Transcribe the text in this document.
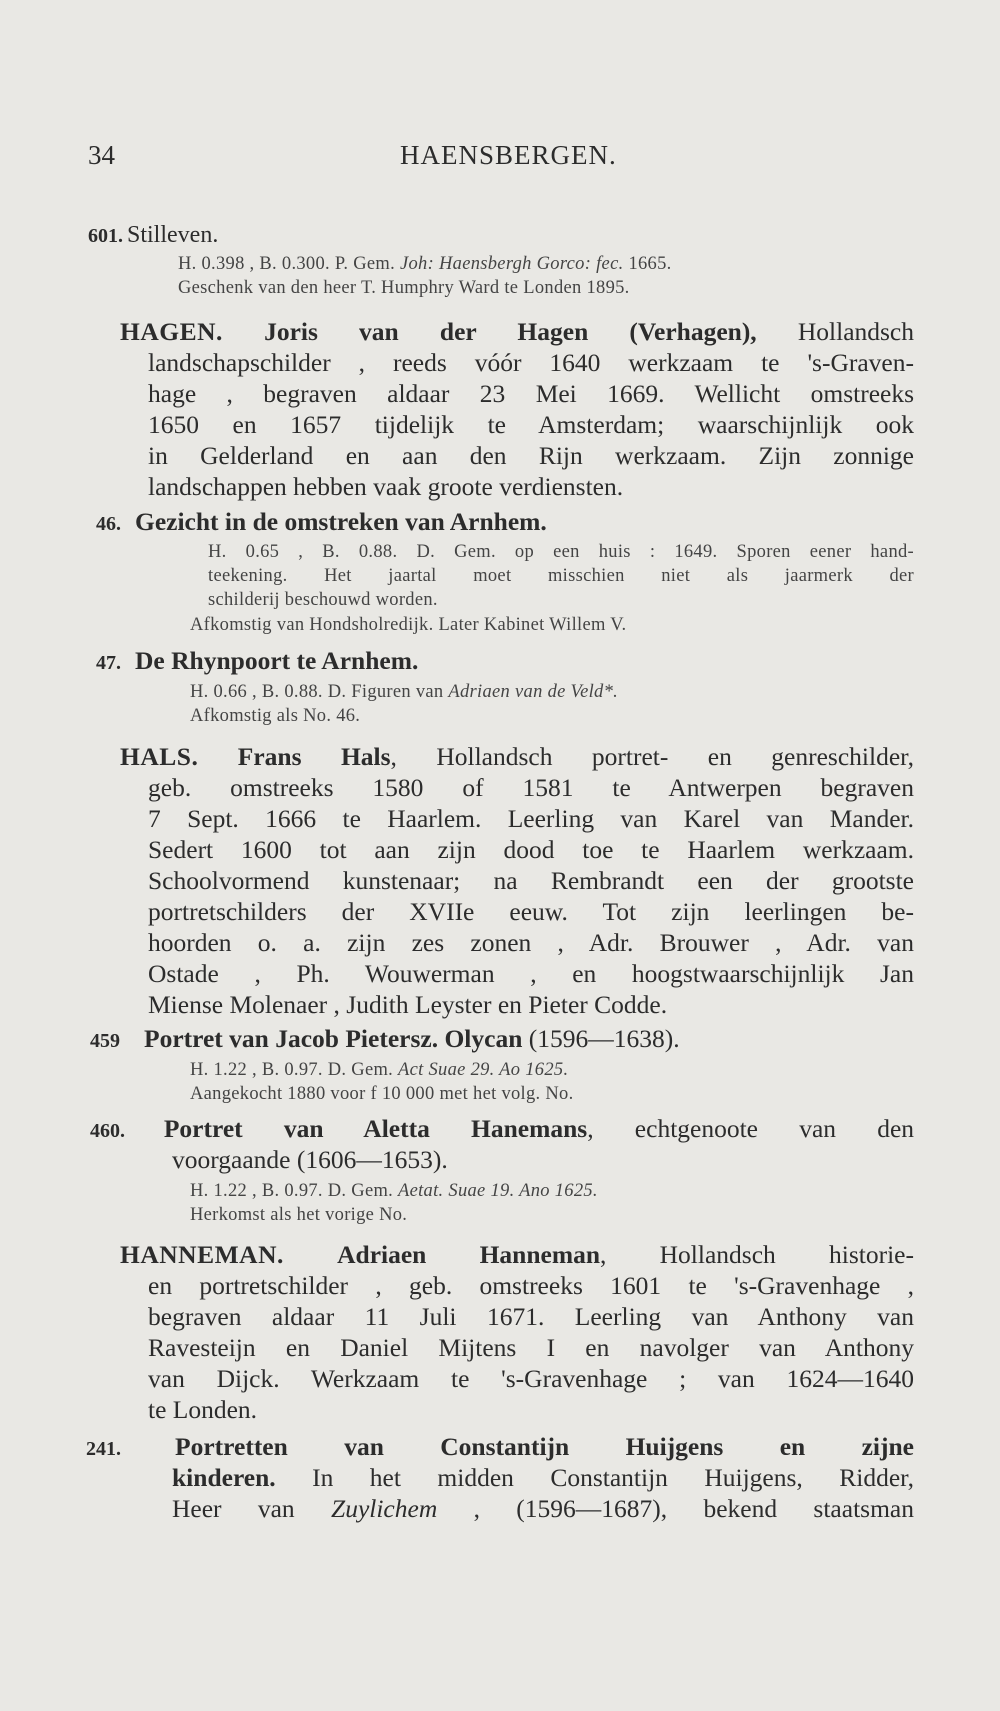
34	HAENSBERGEN.
601. Stilleven.
H. 0.398 , B. 0.300. P. Gem. Joh: Haensbergh Gorco: fec. 1665.
Geschenk van den heer T. Humphry Ward te Londen 1895.
HAGEN. Joris van der Hagen (Verhagen), Hollandsch
landschapschilder , reeds vóór 1640 werkzaam te 's-Graven-
hage , begraven aldaar 23 Mei 1669. Wellicht omstreeks
1650 en 1657 tijdelijk te Amsterdam; waarschijnlijk ook
in Gelderland en aan den Rijn werkzaam. Zijn zonnige
landschappen hebben vaak groote verdiensten.
46. Gezicht in de omstreken van Arnhem.
H. 0.65 , B. 0.88. D. Gem. op een huis : 1649. Sporen eener hand-
teekening. Het jaartal moet misschien niet als jaarmerk der
schilderij beschouwd worden.
Afkomstig van Hondsholredijk. Later Kabinet Willem V.
47. De Rhynpoort te Arnhem.
H. 0.66 , B. 0.88. D. Figuren van Adriaen van de Veld*.
Afkomstig als No. 46.
HALS. Frans Hals, Hollandsch portret- en genreschilder,
geb. omstreeks 1580 of 1581 te Antwerpen begraven
7 Sept. 1666 te Haarlem. Leerling van Karel van Mander.
Sedert 1600 tot aan zijn dood toe te Haarlem werkzaam.
Schoolvormend kunstenaar; na Rembrandt een der grootste
portretschilders der XVIIe eeuw. Tot zijn leerlingen be-
hoorden o. a. zijn zes zonen , Adr. Brouwer , Adr. van
Ostade , Ph. Wouwerman , en hoogstwaarschijnlijk Jan
Miense Molenaer , Judith Leyster en Pieter Codde.
459 Portret van Jacob Pietersz. Olycan (1596—1638).
H. 1.22 , B. 0.97. D. Gem. Act Suae 29. Ao 1625.
Aangekocht 1880 voor f 10 000 met het volg. No.
460. Portret van Aletta Hanemans, echtgenoote van den
voorgaande (1606—1653).
H. 1.22 , B. 0.97. D. Gem. Aetat. Suae 19. Ano 1625.
Herkomst als het vorige No.
HANNEMAN. Adriaen Hanneman, Hollandsch historie-
en portretschilder , geb. omstreeks 1601 te 's-Gravenhage ,
begraven aldaar 11 Juli 1671. Leerling van Anthony van
Ravesteijn en Daniel Mijtens I en navolger van Anthony
van Dijck. Werkzaam te 's-Gravenhage ; van 1624—1640
te Londen.
241. Portretten van Constantijn Huijgens en zijne
kinderen. In het midden Constantijn Huijgens, Ridder,
Heer van Zuylichem , (1596—1687), bekend staatsman
